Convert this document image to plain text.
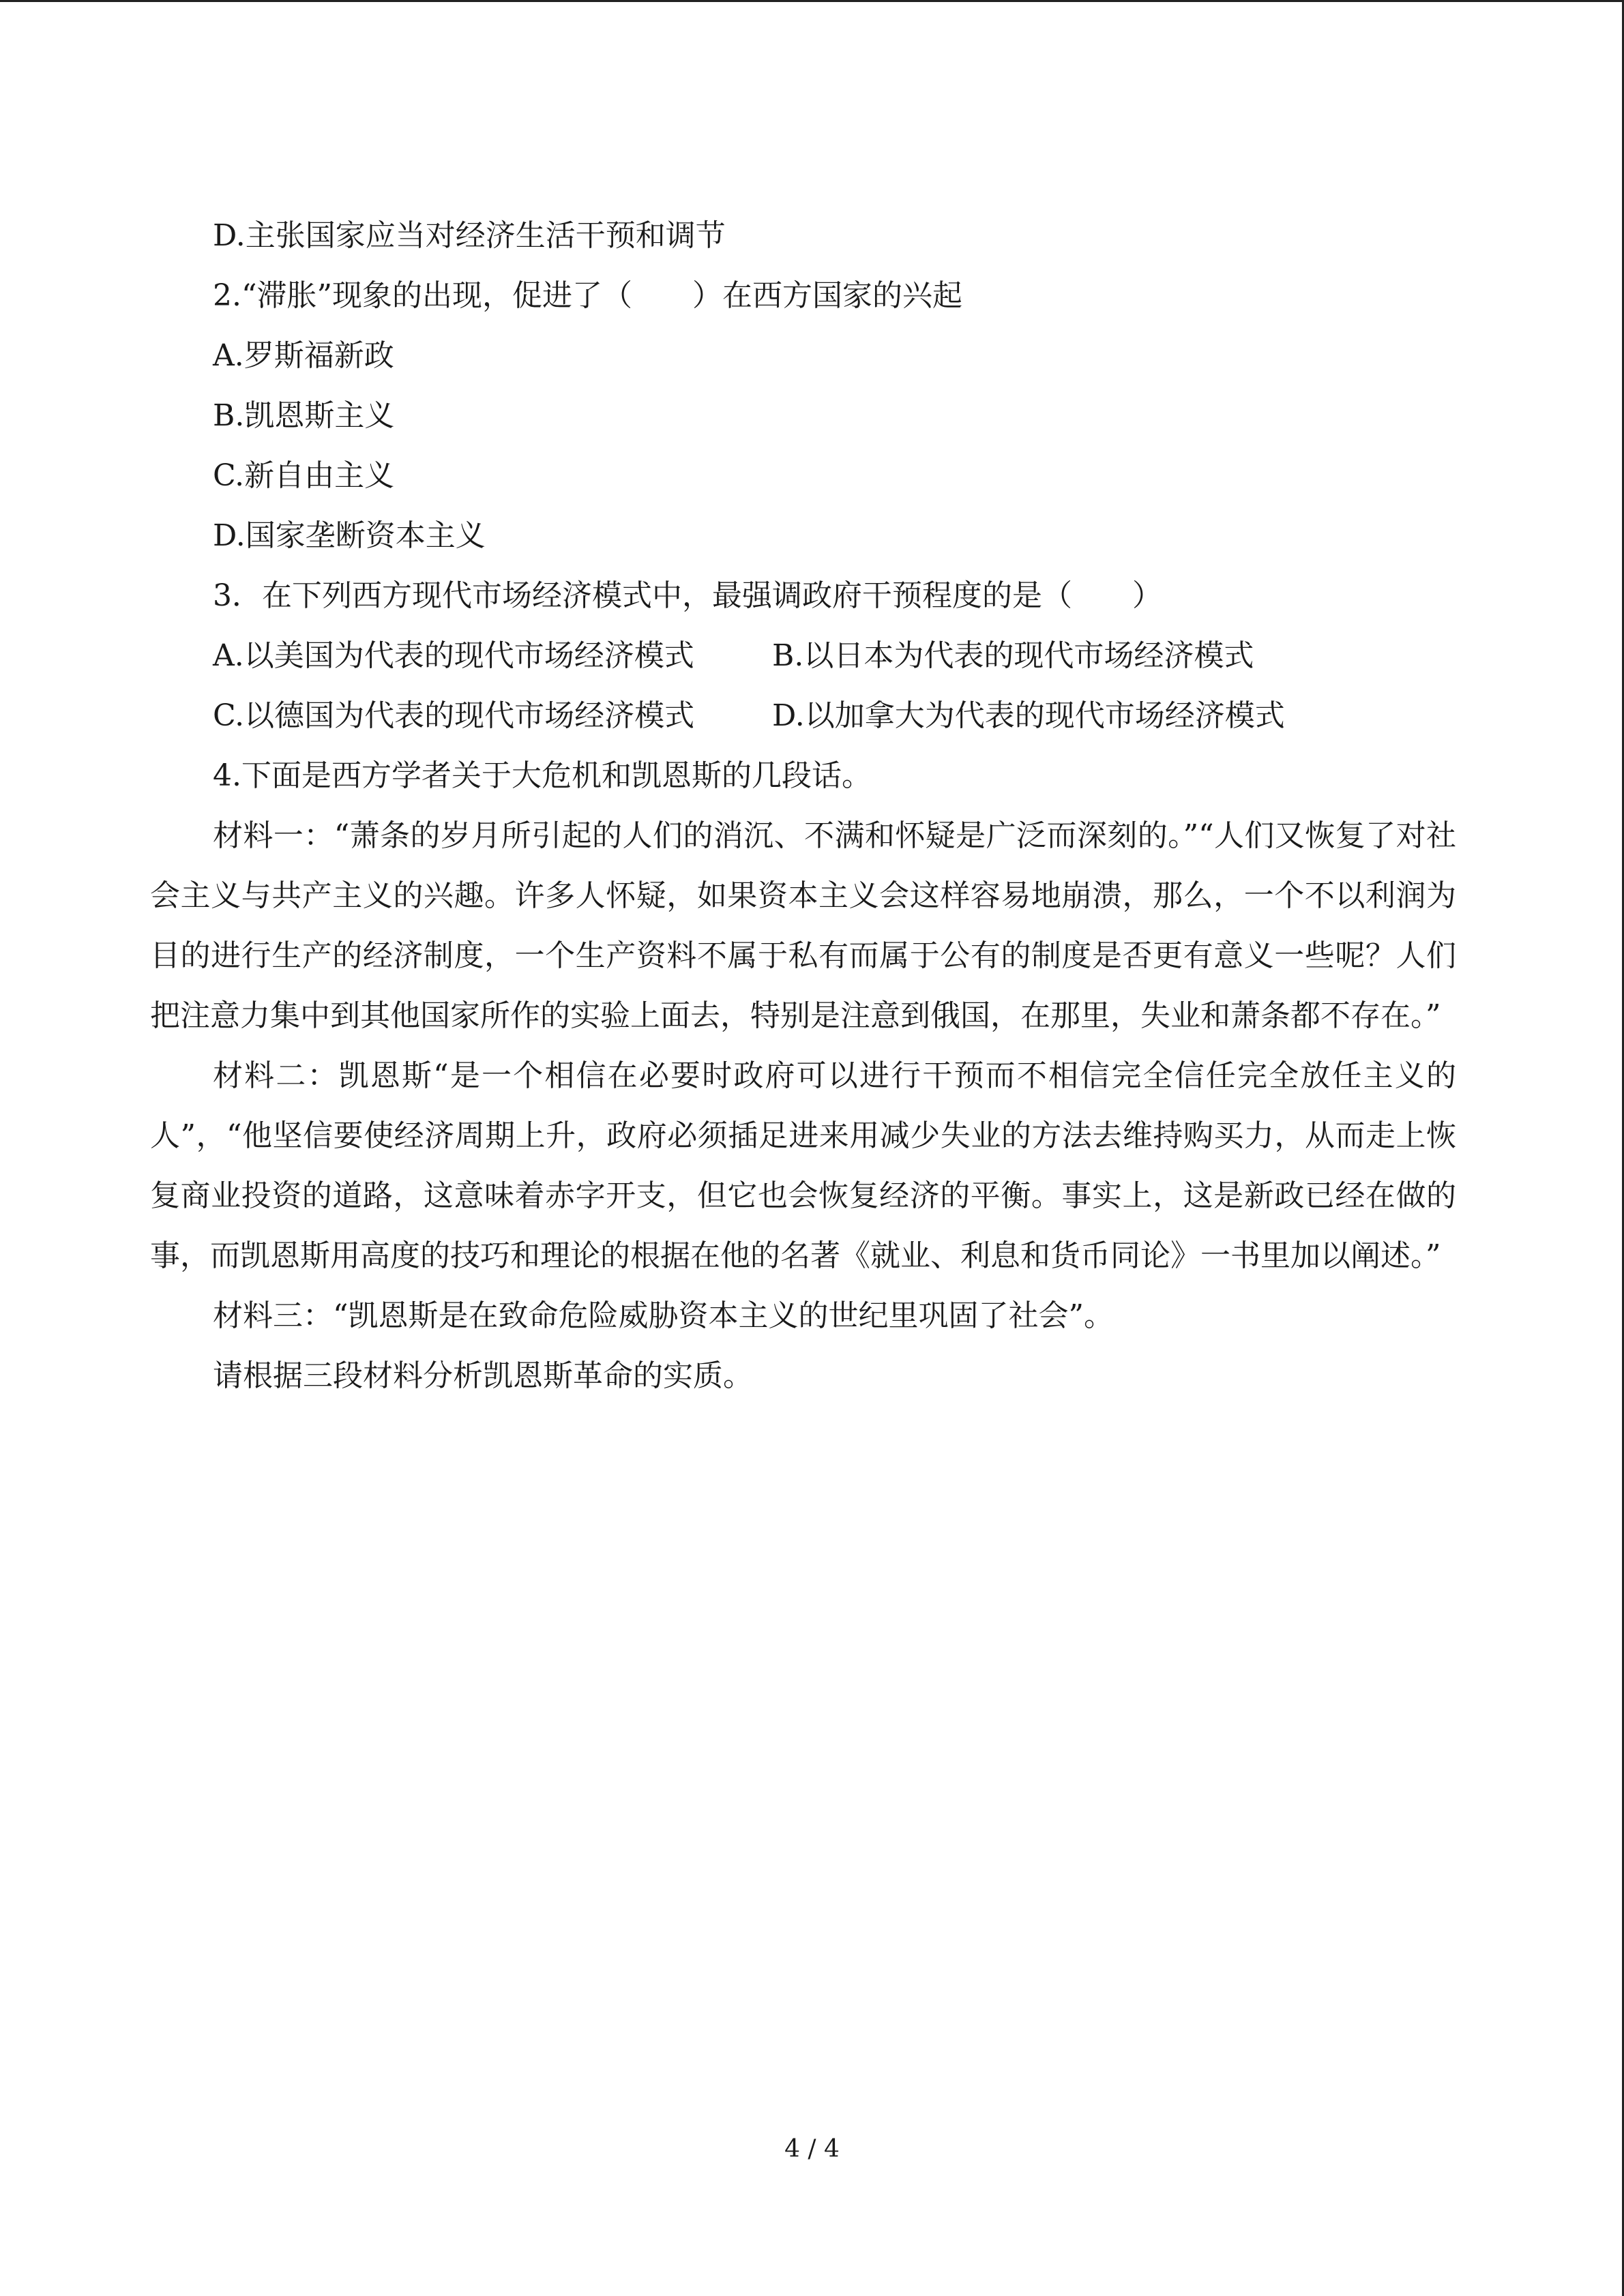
D.主张国家应当对经济生活干预和调节

2.“滞胀”现象的出现，促进了（　　）在西方国家的兴起

A.罗斯福新政

B.凯恩斯主义

C.新自由主义

D.国家垄断资本主义

3．在下列西方现代市场经济模式中，最强调政府干预程度的是（　　）

A.以美国为代表的现代市场经济模式	B.以日本为代表的现代市场经济模式
C.以德国为代表的现代市场经济模式	D.以加拿大为代表的现代市场经济模式

4.下面是西方学者关于大危机和凯恩斯的几段话。

材料一：“萧条的岁月所引起的人们的消沉、不满和怀疑是广泛而深刻的。”“人们又恢复了对社会主义与共产主义的兴趣。许多人怀疑，如果资本主义会这样容易地崩溃，那么，一个不以利润为目的进行生产的经济制度，一个生产资料不属于私有而属于公有的制度是否更有意义一些呢？人们把注意力集中到其他国家所作的实验上面去，特别是注意到俄国，在那里，失业和萧条都不存在。”

材料二：凯恩斯“是一个相信在必要时政府可以进行干预而不相信完全信任完全放任主义的人”，“他坚信要使经济周期上升，政府必须插足进来用减少失业的方法去维持购买力，从而走上恢复商业投资的道路，这意味着赤字开支，但它也会恢复经济的平衡。事实上，这是新政已经在做的事，而凯恩斯用高度的技巧和理论的根据在他的名著《就业、利息和货币同论》一书里加以阐述。”

材料三：“凯恩斯是在致命危险威胁资本主义的世纪里巩固了社会”。

请根据三段材料分析凯恩斯革命的实质。

4 / 4
